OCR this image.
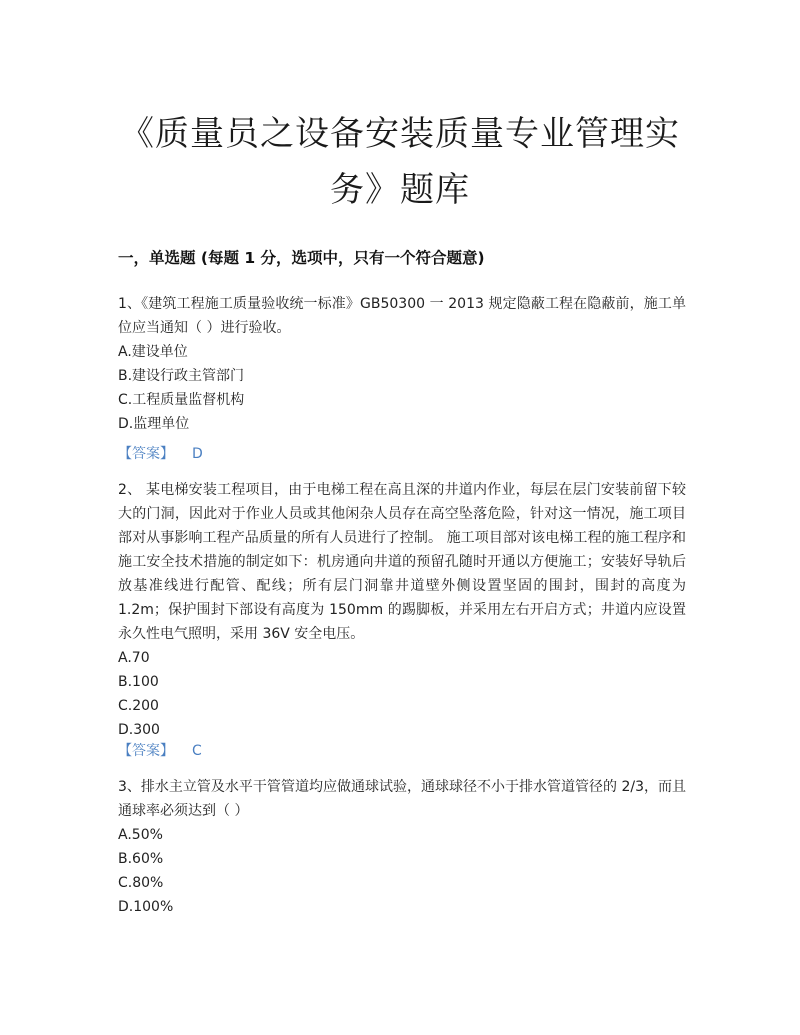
《质量员之设备安装质量专业管理实
务》题库
一，单选题 (每题 1 分，选项中，只有一个符合题意)

1、《建筑工程施工质量验收统一标准》GB50300 一 2013 规定隐蔽工程在隐蔽前，施工单位应当通知（ ）进行验收。

A.建设单位

B.建设行政主管部门

C.工程质量监督机构

D.监理单位

【答案】 D

2、 某电梯安装工程项目，由于电梯工程在高且深的井道内作业，每层在层门安装前留下较大的门洞，因此对于作业人员或其他闲杂人员存在高空坠落危险，针对这一情况，施工项目部对从事影响工程产品质量的所有人员进行了控制。 施工项目部对该电梯工程的施工程序和施工安全技术措施的制定如下：机房通向井道的预留孔随时开通以方便施工；安装好导轨后放基准线进行配管、配线；所有层门洞靠井道壁外侧设置坚固的围封，围封的高度为 1.2m；保护围封下部设有高度为 150mm 的踢脚板，并采用左右开启方式；井道内应设置永久性电气照明，采用 36V 安全电压。

A.70

B.100

C.200

D.300

【答案】 C

3、排水主立管及水平干管管道均应做通球试验，通球球径不小于排水管道管径的 2/3，而且通球率必须达到（ ）

A.50%

B.60%

C.80%

D.100%
